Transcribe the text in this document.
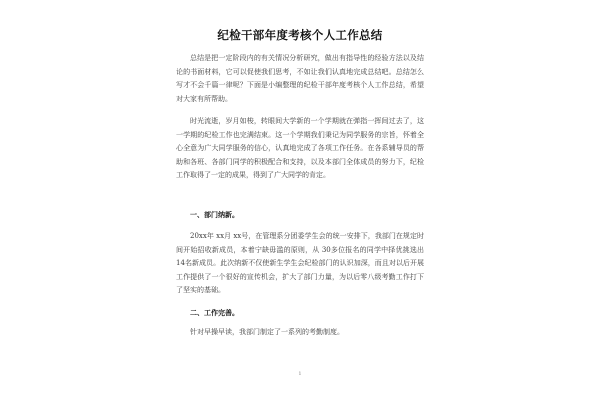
纪检干部年度考核个人工作总结

总结是把一定阶段内的有关情况分析研究，做出有指导性的经验方法以及结论的书面材料，它可以促使我们思考，不如让我们认真地完成总结吧。总结怎么写才不会千篇一律呢？下面是小编整理的纪检干部年度考核个人工作总结，希望对大家有所帮助。

时光流逝，岁月如梭，转眼间大学新的一个学期就在弹指一挥间过去了，这一学期的纪检工作也完满结束。这一个学期我们秉记为同学服务的宗旨，怀着全心全意为广大同学服务的信心，认真地完成了各项工作任务。在各系辅导员的帮助和各班、各部门同学的积极配合和支持，以及本部门全体成员的努力下，纪检工作取得了一定的成果，得到了广大同学的肯定。

一、部门纳新。

20xx年 xx月 xx号，在管理系分团委学生会的统一安排下，我部门在规定时间开始招收新成员，本着宁缺毋滥的原则，从 30多位报名的同学中择优挑选出 14名新成员。此次纳新不仅使新生学生会纪检部门的认识加深，而且对以后开展工作提供了一个很好的宣传机会，扩大了部门力量，为以后零八级考勤工作打下了坚实的基础。

二、工作完善。

针对早操早读，我部门制定了一系列的考勤制度。

1
